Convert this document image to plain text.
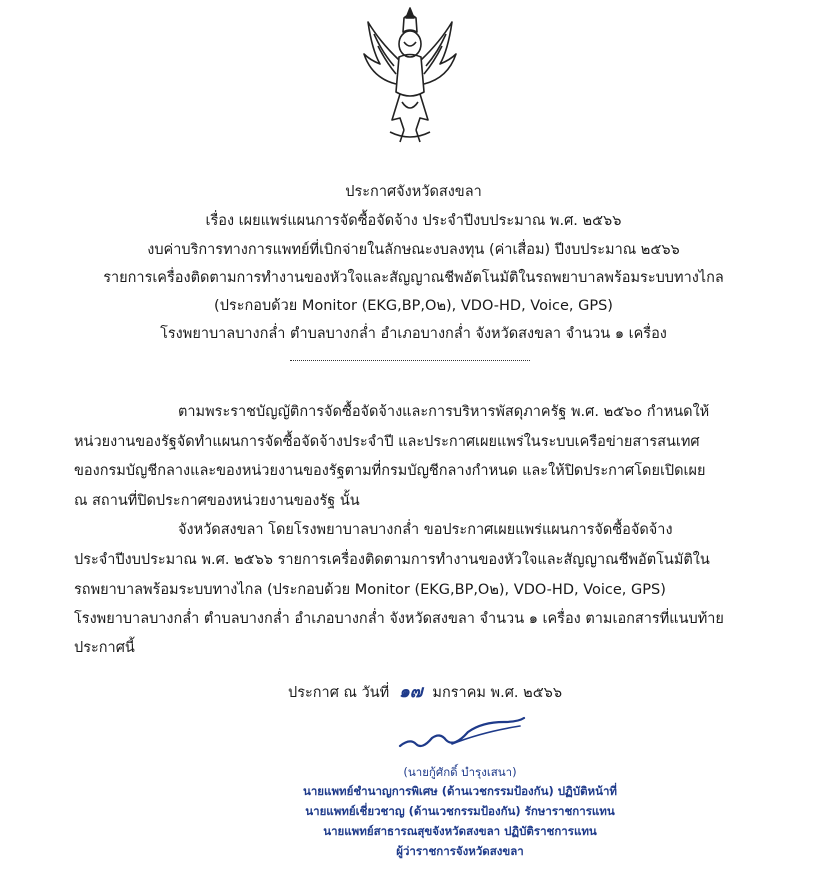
ประกาศจังหวัดสงขลา
เรื่อง เผยแพร่แผนการจัดซื้อจัดจ้าง ประจำปีงบประมาณ พ.ศ. ๒๕๖๖
งบค่าบริการทางการแพทย์ที่เบิกจ่ายในลักษณะงบลงทุน (ค่าเสื่อม) ปีงบประมาณ ๒๕๖๖
รายการเครื่องติดตามการทำงานของหัวใจและสัญญาณชีพอัตโนมัติในรถพยาบาลพร้อมระบบทางไกล
(ประกอบด้วย Monitor (EKG,BP,O๒), VDO-HD, Voice, GPS)
โรงพยาบาลบางกล่ำ ตำบลบางกล่ำ อำเภอบางกล่ำ จังหวัดสงขลา จำนวน ๑ เครื่อง
ตามพระราชบัญญัติการจัดซื้อจัดจ้างและการบริหารพัสดุภาครัฐ พ.ศ. ๒๕๖๐ กำหนดให้
หน่วยงานของรัฐจัดทำแผนการจัดซื้อจัดจ้างประจำปี และประกาศเผยแพร่ในระบบเครือข่ายสารสนเทศ
ของกรมบัญชีกลางและของหน่วยงานของรัฐตามที่กรมบัญชีกลางกำหนด และให้ปิดประกาศโดยเปิดเผย
ณ สถานที่ปิดประกาศของหน่วยงานของรัฐ นั้น
จังหวัดสงขลา โดยโรงพยาบาลบางกล่ำ ขอประกาศเผยแพร่แผนการจัดซื้อจัดจ้าง
ประจำปีงบประมาณ พ.ศ. ๒๕๖๖ รายการเครื่องติดตามการทำงานของหัวใจและสัญญาณชีพอัตโนมัติใน
รถพยาบาลพร้อมระบบทางไกล (ประกอบด้วย Monitor (EKG,BP,O๒), VDO-HD, Voice, GPS)
โรงพยาบาลบางกล่ำ ตำบลบางกล่ำ อำเภอบางกล่ำ จังหวัดสงขลา จำนวน ๑ เครื่อง ตามเอกสารที่แนบท้าย
ประกาศนี้
ประกาศ ณ วันที่ ๑๗ มกราคม พ.ศ. ๒๕๖๖
(นายกู้ศักดิ์ บำรุงเสนา)
นายแพทย์ชำนาญการพิเศษ (ด้านเวชกรรมป้องกัน) ปฏิบัติหน้าที่
นายแพทย์เชี่ยวชาญ (ด้านเวชกรรมป้องกัน) รักษาราชการแทน
นายแพทย์สาธารณสุขจังหวัดสงขลา ปฏิบัติราชการแทน
ผู้ว่าราชการจังหวัดสงขลา
